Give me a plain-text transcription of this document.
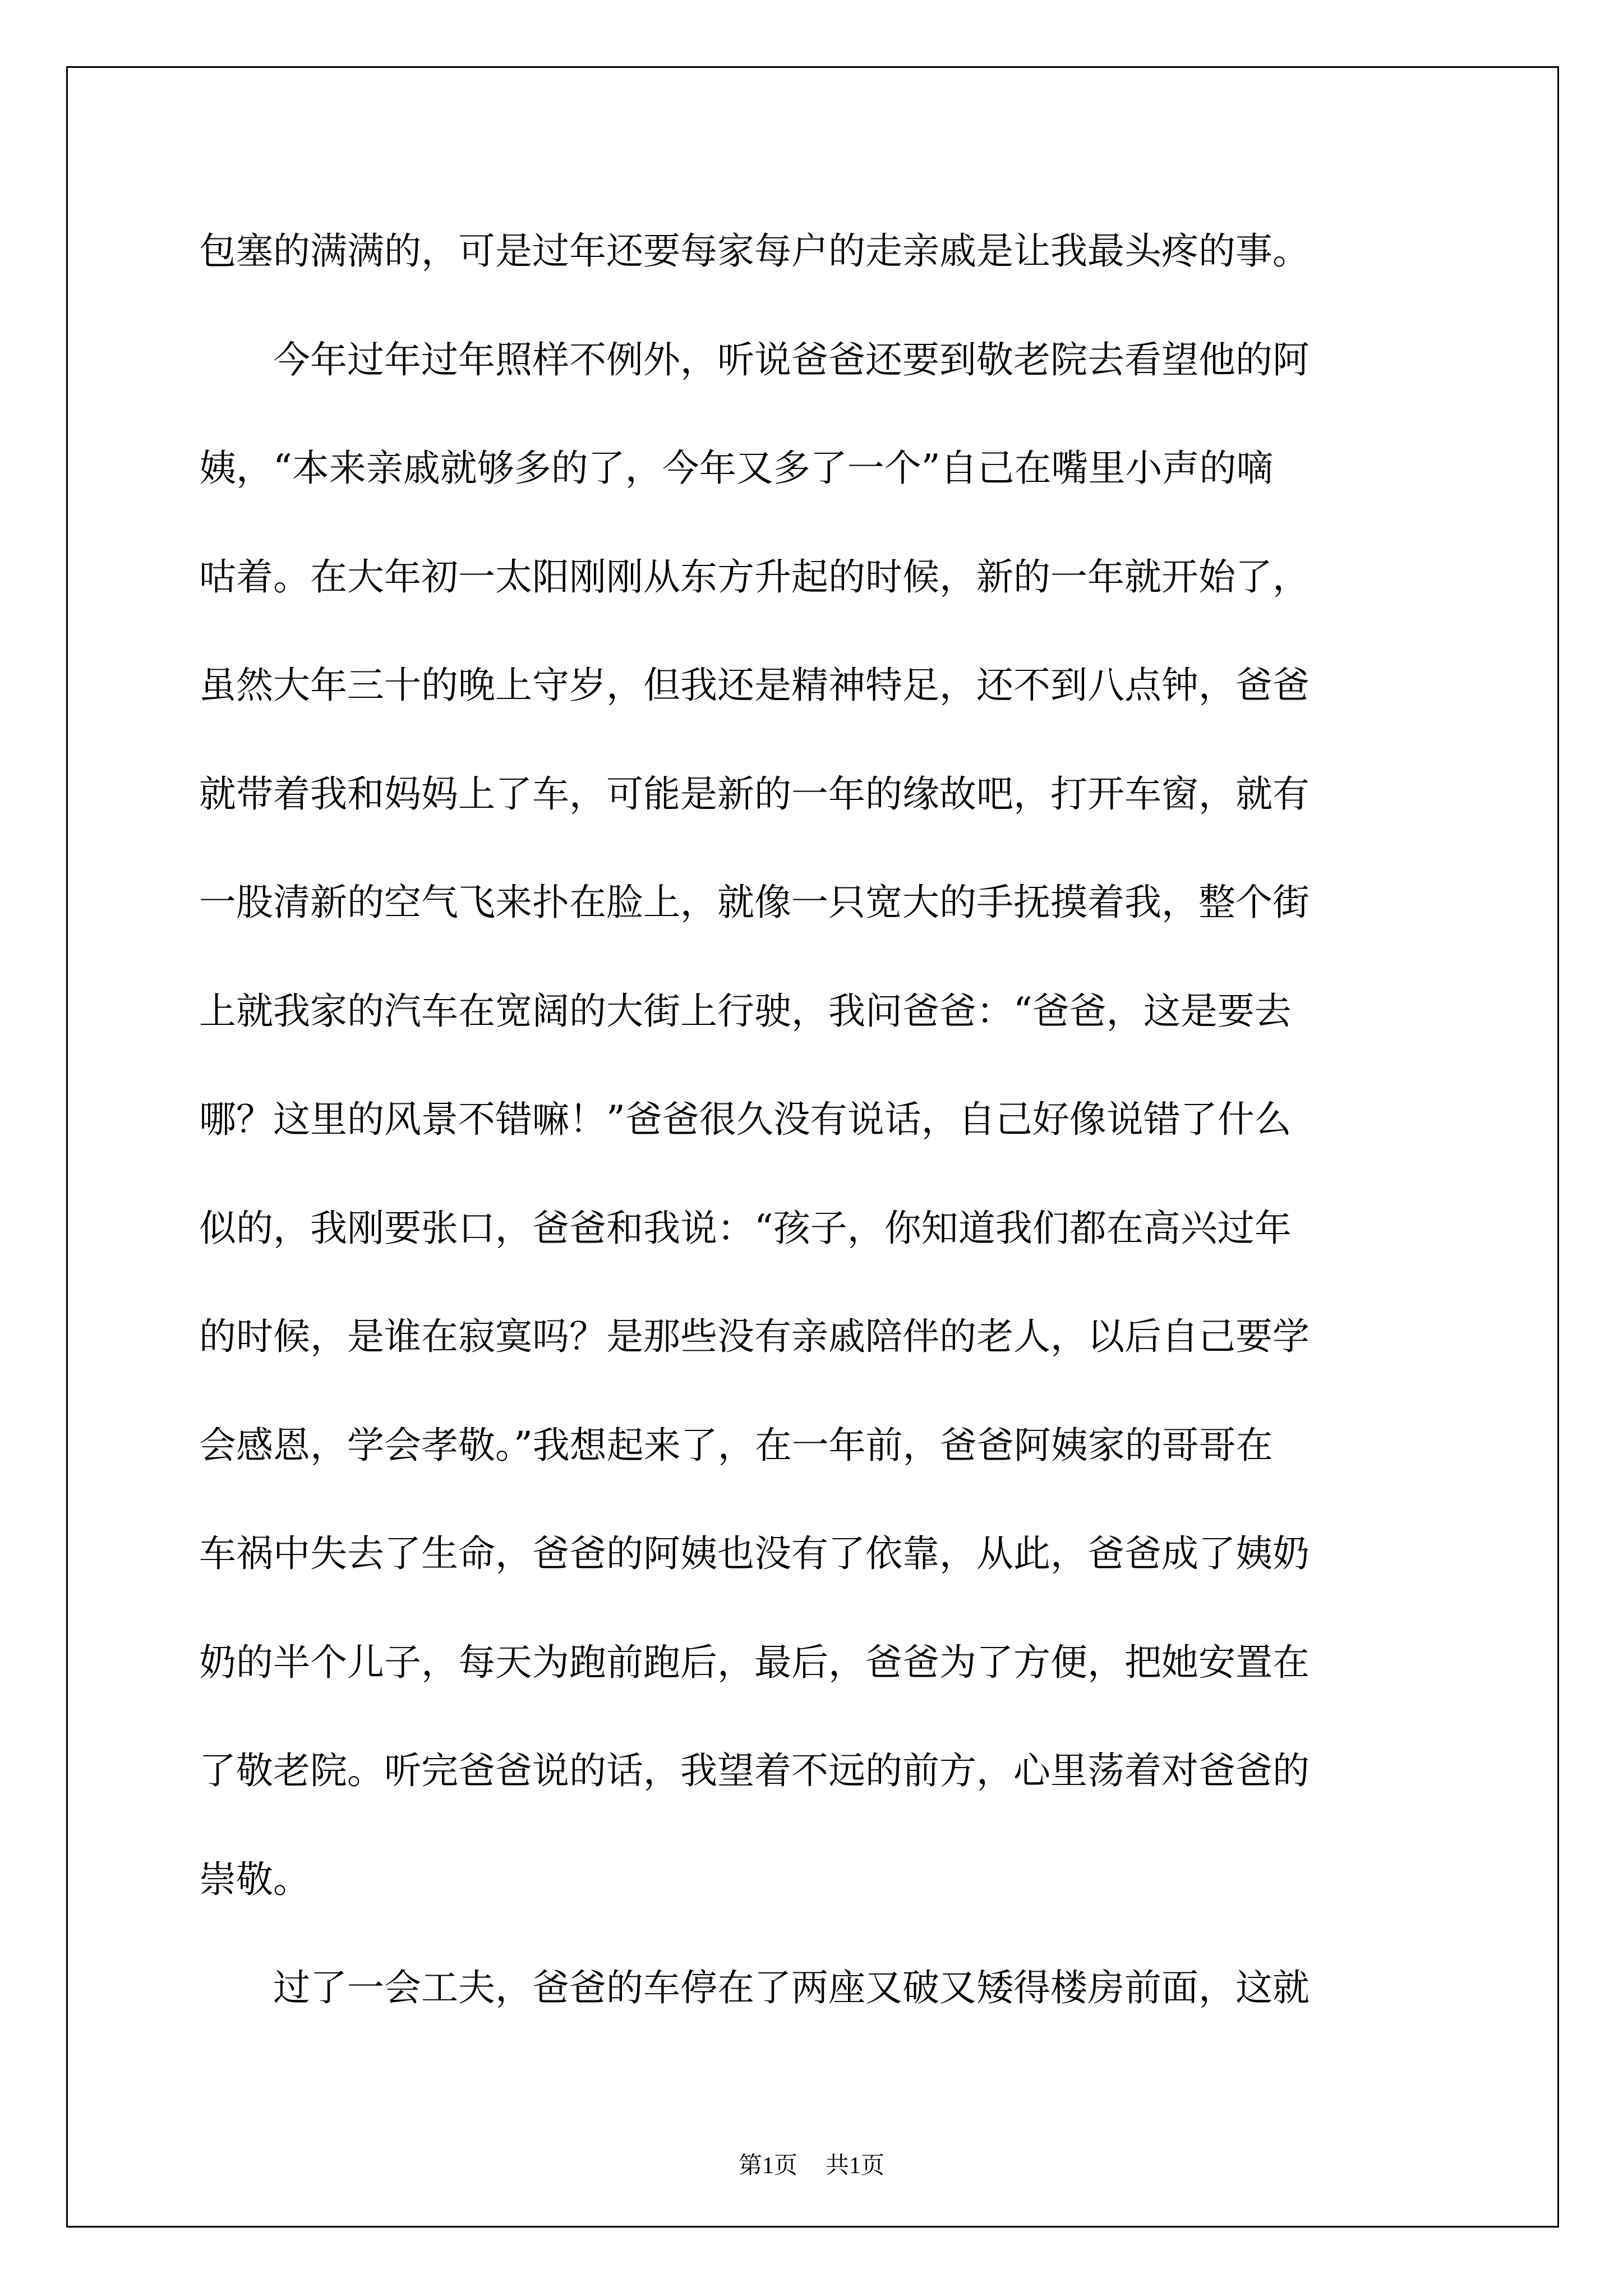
包塞的满满的，可是过年还要每家每户的走亲戚是让我最头疼的事。

　　今年过年过年照样不例外，听说爸爸还要到敬老院去看望他的阿

姨，“本来亲戚就够多的了，今年又多了一个”自己在嘴里小声的嘀

咕着。在大年初一太阳刚刚从东方升起的时候，新的一年就开始了，

虽然大年三十的晚上守岁，但我还是精神特足，还不到八点钟，爸爸

就带着我和妈妈上了车，可能是新的一年的缘故吧，打开车窗，就有

一股清新的空气飞来扑在脸上，就像一只宽大的手抚摸着我，整个街

上就我家的汽车在宽阔的大街上行驶，我问爸爸：“爸爸，这是要去

哪？这里的风景不错嘛！”爸爸很久没有说话，自己好像说错了什么

似的，我刚要张口，爸爸和我说：“孩子，你知道我们都在高兴过年

的时候，是谁在寂寞吗？是那些没有亲戚陪伴的老人，以后自己要学

会感恩，学会孝敬。”我想起来了，在一年前，爸爸阿姨家的哥哥在

车祸中失去了生命，爸爸的阿姨也没有了依靠，从此，爸爸成了姨奶

奶的半个儿子，每天为跑前跑后，最后，爸爸为了方便，把她安置在

了敬老院。听完爸爸说的话，我望着不远的前方，心里荡着对爸爸的

崇敬。

　　过了一会工夫，爸爸的车停在了两座又破又矮得楼房前面，这就

第1页 共1页
